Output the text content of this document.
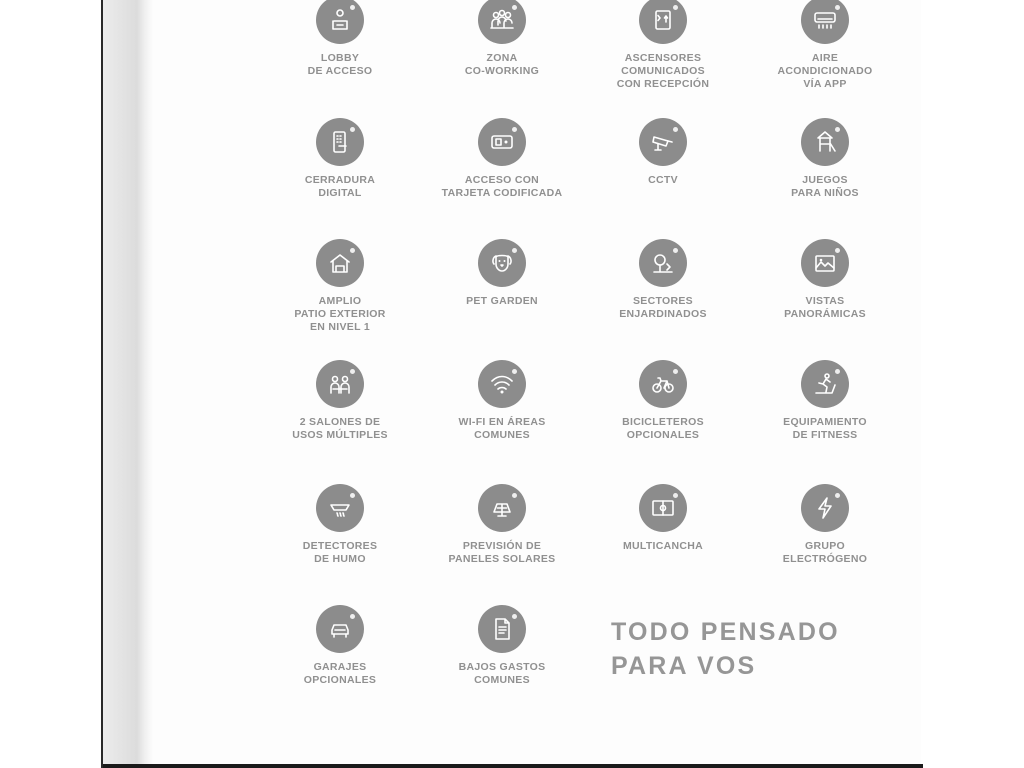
LOBBY
DE ACCESO
ZONA
CO-WORKING
ASCENSORES
COMUNICADOS
CON RECEPCIÓN
AIRE
ACONDICIONADO
VÍA APP
CERRADURA
DIGITAL
ACCESO CON
TARJETA CODIFICADA
CCTV	JUEGOS
PARA NIÑOS
AMPLIO
PATIO EXTERIOR
EN NIVEL 1
PET GARDEN	SECTORES
ENJARDINADOS
VISTAS
PANORÁMICAS
2 SALONES DE
USOS MÚLTIPLES
WI-FI EN ÁREAS
COMUNES
BICICLETEROS
OPCIONALES
EQUIPAMIENTO
DE FITNESS
DETECTORES
DE HUMO
PREVISIÓN DE
PANELES SOLARES
MULTICANCHA	GRUPO
ELECTRÓGENO
GARAJES
OPCIONALES
BAJOS GASTOS
COMUNES
TODO PENSADO
PARA VOS
